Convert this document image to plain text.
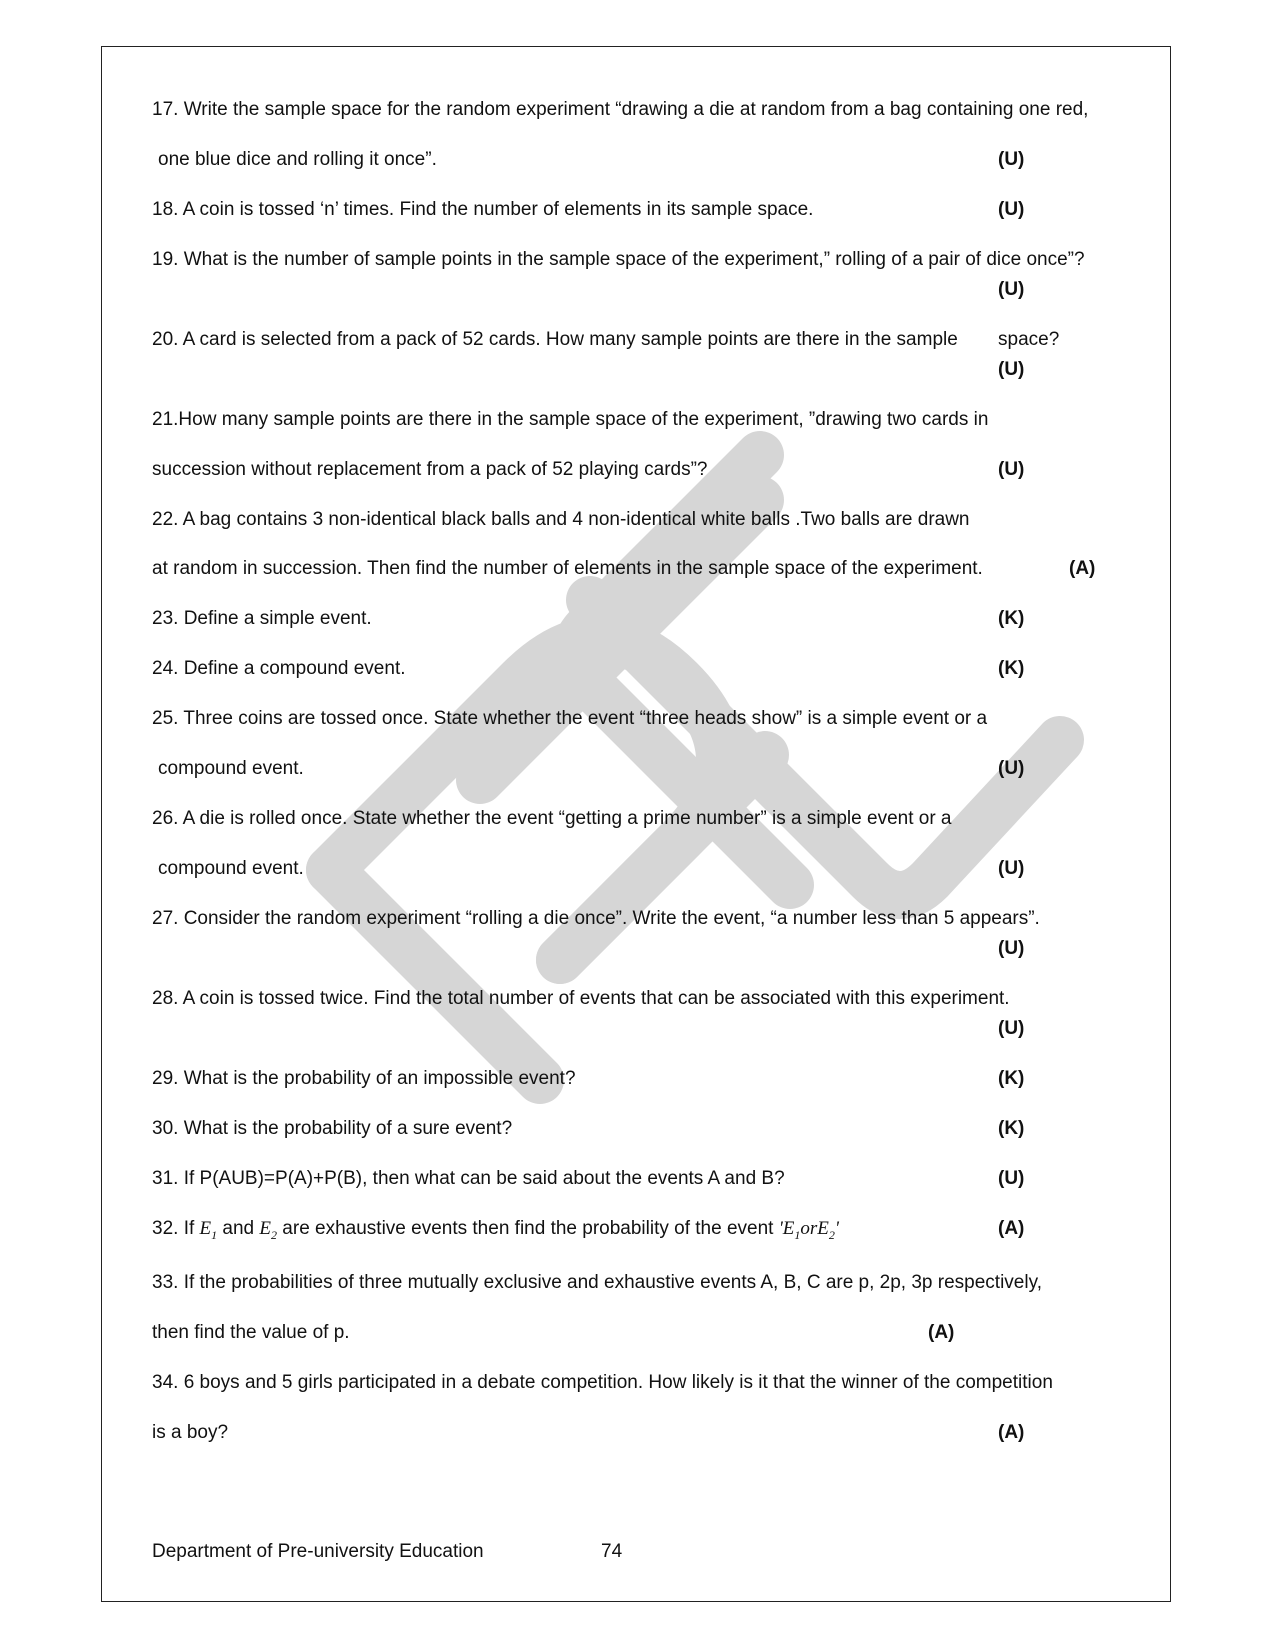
17. Write the sample space for the random experiment “drawing a die at random from a bag containing one red,
one blue dice and rolling it once”.	(U)
18. A coin is tossed ‘n’ times. Find the number of elements in its sample space.	(U)
19. What is the number of sample points in the sample space of the experiment,” rolling of a pair of dice once”?
(U)
20. A card is selected from a pack of 52 cards. How many sample points are there in the sample space?
(U)
21.How many sample points are there in the sample space of the experiment, ”drawing two cards in
succession without replacement from a pack of 52 playing cards”?	(U)
22. A bag contains 3 non-identical black balls and 4 non-identical white balls .Two balls are drawn
at random in succession. Then find the number of elements in the sample space of the experiment.	(A)
23. Define a simple event.	(K)
24. Define a compound event.	(K)
25. Three coins are tossed once. State whether the event “three heads show” is a simple event or a
compound event.	(U)
26. A die is rolled once. State whether the event “getting a prime number” is a simple event or a
compound event.	(U)
27. Consider the random experiment “rolling a die once”. Write the event, “a number less than 5 appears”.
(U)
28. A coin is tossed twice. Find the total number of events that can be associated with this experiment.
(U)
29. What is the probability of an impossible event?	(K)
30. What is the probability of a sure event?	(K)
31. If P(AUB)=P(A)+P(B), then what can be said about the events A and B?	(U)
32. If $E_1$ and $E_2$ are exhaustive events then find the probability of the event '$E_1orE_2$'	(A)
33. If the probabilities of three mutually exclusive and exhaustive events A, B, C are p, 2p, 3p respectively,
then find the value of p.	(A)
34. 6 boys and 5 girls participated in a debate competition. How likely is it that the winner of the competition
is a boy?	(A)
Department of Pre-university Education	74
